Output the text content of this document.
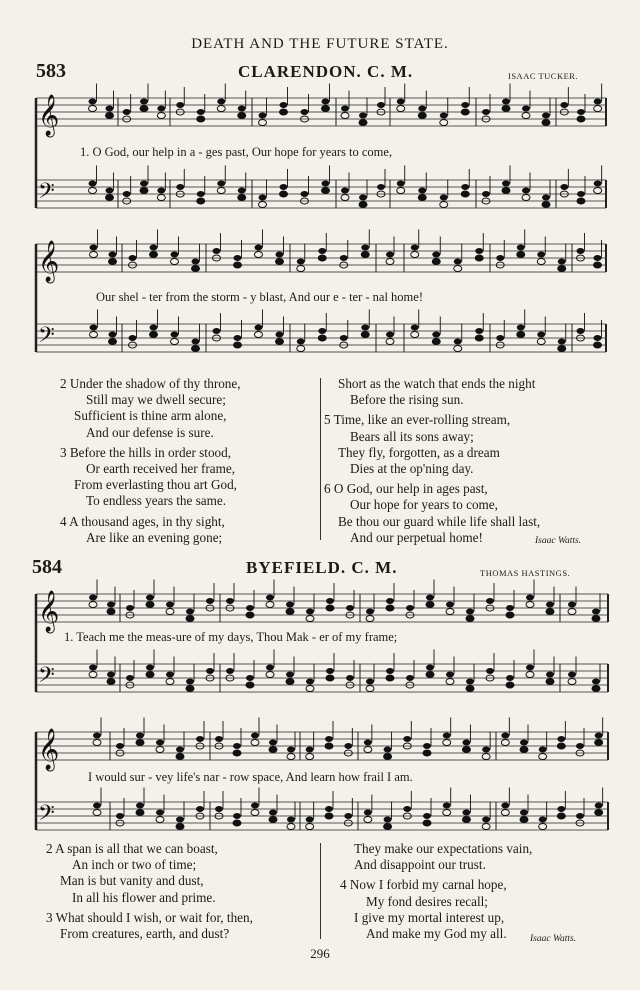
DEATH AND THE FUTURE STATE.
583	CLARENDON. C. M.	ISAAC TUCKER.
𝄞
𝄢
𝄞
𝄢
1. O God, our help in a - ges past, Our hope for years to come,
Our shel - ter from the storm - y blast, And our e - ter - nal home!

2 Under the shadow of thy throne,

Still may we dwell secure;

Sufficient is thine arm alone,

And our defense is sure.

3 Before the hills in order stood,

Or earth received her frame,

From everlasting thou art God,

To endless years the same.

4 A thousand ages, in thy sight,

Are like an evening gone;

Short as the watch that ends the night

Before the rising sun.

5 Time, like an ever-rolling stream,

Bears all its sons away;

They fly, forgotten, as a dream

Dies at the op'ning day.

6 O God, our help in ages past,

Our hope for years to come,

Be thou our guard while life shall last,

And our perpetual home!	Isaac Watts.
584	BYEFIELD. C. M.	THOMAS HASTINGS.
𝄞
𝄢
𝄞
𝄢
1. Teach me the meas-ure of my days, Thou Mak - er of my frame;
I would sur - vey life's nar - row space, And learn how frail I am.

2 A span is all that we can boast,

An inch or two of time;

Man is but vanity and dust,

In all his flower and prime.

3 What should I wish, or wait for, then,

From creatures, earth, and dust?

They make our expectations vain,

And disappoint our trust.

4 Now I forbid my carnal hope,

My fond desires recall;

I give my mortal interest up,

And make my God my all.	Isaac Watts.
296
